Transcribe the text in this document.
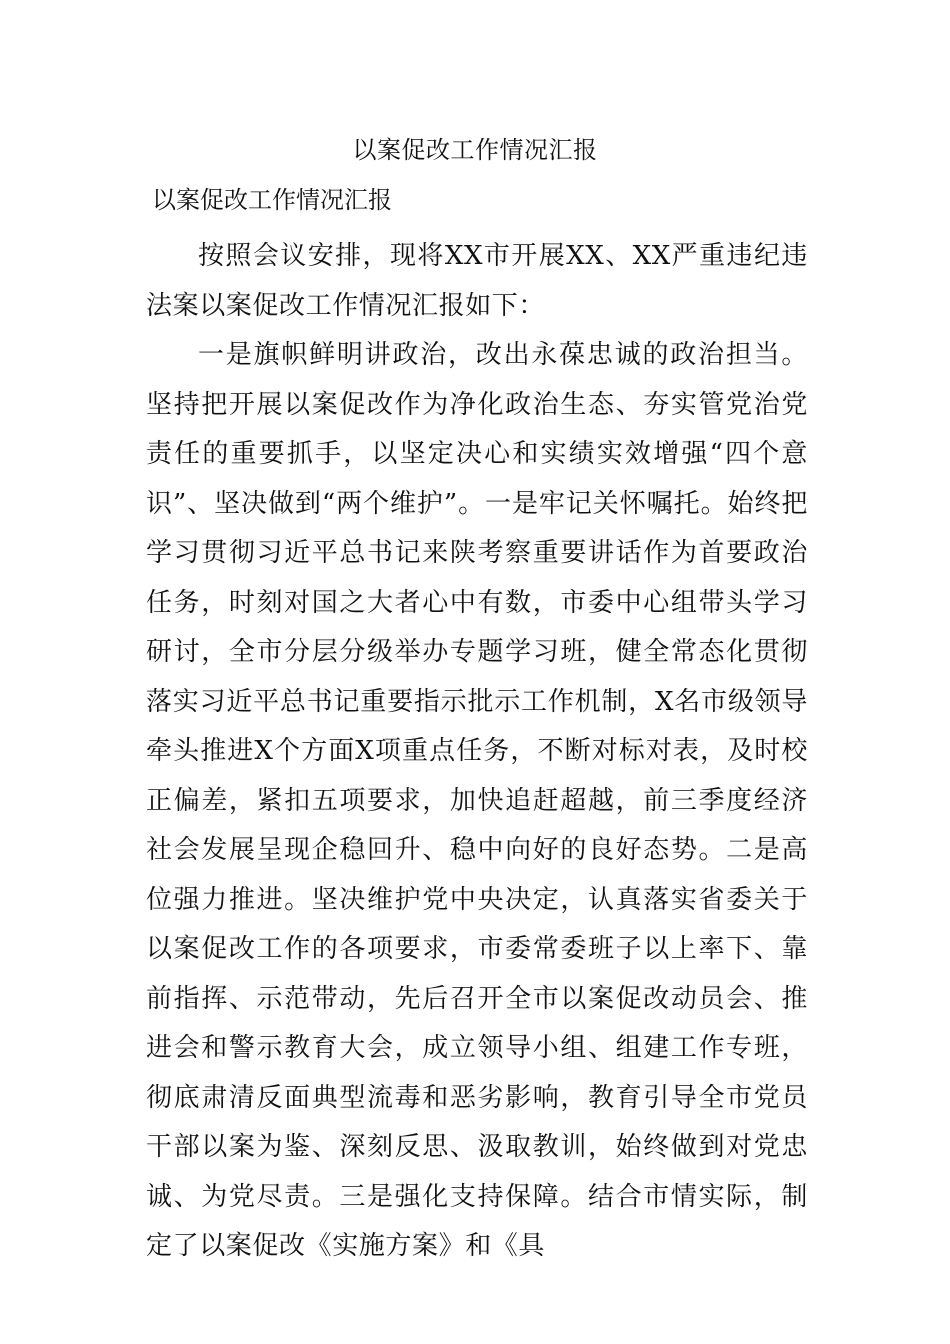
以案促改工作情况汇报
以案促改工作情况汇报

按照会议安排，现将XX市开展XX、XX严重违纪违法案以案促改工作情况汇报如下：

一是旗帜鲜明讲政治，改出永葆忠诚的政治担当。坚持把开展以案促改作为净化政治生态、夯实管党治党责任的重要抓手，以坚定决心和实绩实效增强“四个意识”、坚决做到“两个维护”。一是牢记关怀嘱托。始终把学习贯彻习近平总书记来陕考察重要讲话作为首要政治任务，时刻对国之大者心中有数，市委中心组带头学习研讨，全市分层分级举办专题学习班，健全常态化贯彻落实习近平总书记重要指示批示工作机制，X名市级领导牵头推进X个方面X项重点任务，不断对标对表，及时校正偏差，紧扣五项要求，加快追赶超越，前三季度经济社会发展呈现企稳回升、稳中向好的良好态势。二是高位强力推进。坚决维护党中央决定，认真落实省委关于以案促改工作的各项要求，市委常委班子以上率下、靠前指挥、示范带动，先后召开全市以案促改动员会、推进会和警示教育大会，成立领导小组、组建工作专班，彻底肃清反面典型流毒和恶劣影响，教育引导全市党员干部以案为鉴、深刻反思、汲取教训，始终做到对党忠诚、为党尽责。三是强化支持保障。结合市情实际，制定了以案促改《实施方案》和《具
